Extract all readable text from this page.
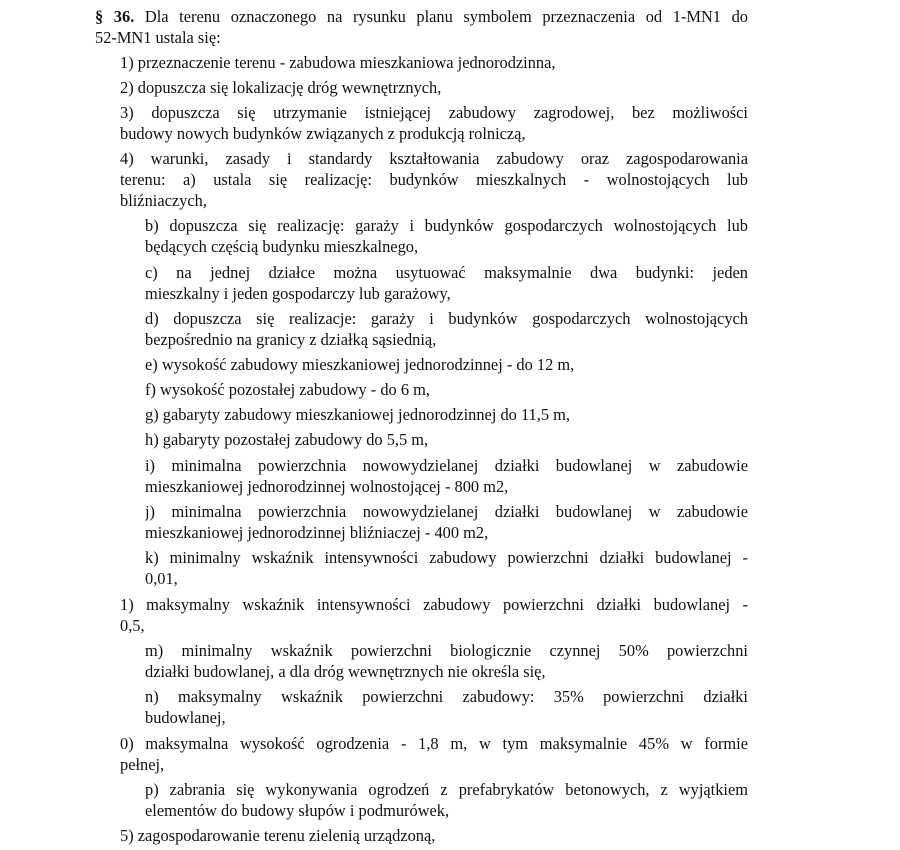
§ 36. Dla terenu oznaczonego na rysunku planu symbolem przeznaczenia od 1-MN1 do
52-MN1 ustala się:
1) przeznaczenie terenu - zabudowa mieszkaniowa jednorodzinna,
2) dopuszcza się lokalizację dróg wewnętrznych,
3) dopuszcza się utrzymanie istniejącej zabudowy zagrodowej, bez możliwości
budowy nowych budynków związanych z produkcją rolniczą,
4) warunki, zasady i standardy kształtowania zabudowy oraz zagospodarowania
terenu: a) ustala się realizację: budynków mieszkalnych - wolnostojących lub
bliźniaczych,
b) dopuszcza się realizację: garaży i budynków gospodarczych wolnostojących lub
będących częścią budynku mieszkalnego,
c) na jednej działce można usytuować maksymalnie dwa budynki: jeden
mieszkalny i jeden gospodarczy lub garażowy,
d) dopuszcza się realizacje: garaży i budynków gospodarczych wolnostojących
bezpośrednio na granicy z działką sąsiednią,
e) wysokość zabudowy mieszkaniowej jednorodzinnej - do 12 m,
f) wysokość pozostałej zabudowy - do 6 m,
g) gabaryty zabudowy mieszkaniowej jednorodzinnej do 11,5 m,
h) gabaryty pozostałej zabudowy do 5,5 m,
i) minimalna powierzchnia nowowydzielanej działki budowlanej w zabudowie
mieszkaniowej jednorodzinnej wolnostojącej - 800 m2,
j) minimalna powierzchnia nowowydzielanej działki budowlanej w zabudowie
mieszkaniowej jednorodzinnej bliźniaczej - 400 m2,
k) minimalny wskaźnik intensywności zabudowy powierzchni działki budowlanej -
0,01,
1) maksymalny wskaźnik intensywności zabudowy powierzchni działki budowlanej -
0,5,
m) minimalny wskaźnik powierzchni biologicznie czynnej 50% powierzchni
działki budowlanej, a dla dróg wewnętrznych nie określa się,
n) maksymalny wskaźnik powierzchni zabudowy: 35% powierzchni działki
budowlanej,
0) maksymalna wysokość ogrodzenia - 1,8 m, w tym maksymalnie 45% w formie
pełnej,
p) zabrania się wykonywania ogrodzeń z prefabrykatów betonowych, z wyjątkiem
elementów do budowy słupów i podmurówek,
5) zagospodarowanie terenu zielenią urządzoną,
